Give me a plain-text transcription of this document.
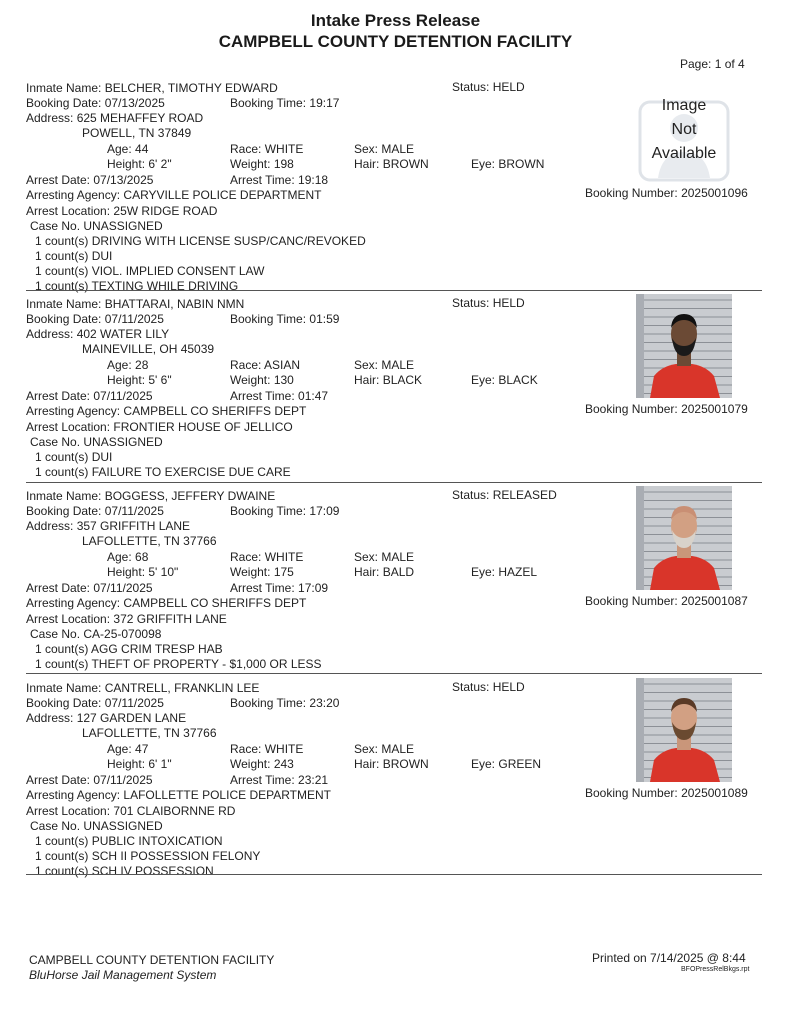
Intake Press Release
CAMPBELL COUNTY DETENTION FACILITY
Page: 1 of 4
Inmate Name: BELCHER, TIMOTHY EDWARD	Status: HELD
Booking Date: 07/13/2025	Booking Time: 19:17
Address: 625 MEHAFFEY ROAD
POWELL, TN 37849
Age: 44	Race: WHITE	Sex: MALE
Height: 6' 2"	Weight: 198	Hair: BROWN	Eye: BROWN
Arrest Date: 07/13/2025	Arrest Time: 19:18
Arresting Agency: CARYVILLE POLICE DEPARTMENT	Booking Number: 2025001096
Arrest Location: 25W RIDGE ROAD
Case No. UNASSIGNED
1 count(s) DRIVING WITH LICENSE SUSP/CANC/REVOKED
1 count(s) DUI
1 count(s) VIOL. IMPLIED CONSENT LAW
1 count(s) TEXTING WHILE DRIVING
Image
Not
Available
Inmate Name: BHATTARAI, NABIN NMN	Status: HELD
Booking Date: 07/11/2025	Booking Time: 01:59
Address: 402 WATER LILY
MAINEVILLE, OH 45039
Age: 28	Race: ASIAN	Sex: MALE
Height: 5' 6"	Weight: 130	Hair: BLACK	Eye: BLACK
Arrest Date: 07/11/2025	Arrest Time: 01:47
Arresting Agency: CAMPBELL CO SHERIFFS DEPT	Booking Number: 2025001079
Arrest Location: FRONTIER HOUSE OF JELLICO
Case No. UNASSIGNED
1 count(s) DUI
1 count(s) FAILURE TO EXERCISE DUE CARE
Inmate Name: BOGGESS, JEFFERY DWAINE	Status: RELEASED
Booking Date: 07/11/2025	Booking Time: 17:09
Address: 357 GRIFFITH LANE
LAFOLLETTE, TN 37766
Age: 68	Race: WHITE	Sex: MALE
Height: 5' 10"	Weight: 175	Hair: BALD	Eye: HAZEL
Arrest Date: 07/11/2025	Arrest Time: 17:09
Arresting Agency: CAMPBELL CO SHERIFFS DEPT	Booking Number: 2025001087
Arrest Location: 372 GRIFFITH LANE
Case No. CA-25-070098
1 count(s) AGG CRIM TRESP HAB
1 count(s) THEFT OF PROPERTY - $1,000 OR LESS
Inmate Name: CANTRELL, FRANKLIN LEE	Status: HELD
Booking Date: 07/11/2025	Booking Time: 23:20
Address: 127 GARDEN LANE
LAFOLLETTE, TN 37766
Age: 47	Race: WHITE	Sex: MALE
Height: 6' 1"	Weight: 243	Hair: BROWN	Eye: GREEN
Arrest Date: 07/11/2025	Arrest Time: 23:21
Arresting Agency: LAFOLLETTE POLICE DEPARTMENT	Booking Number: 2025001089
Arrest Location: 701 CLAIBORNNE RD
Case No. UNASSIGNED
1 count(s) PUBLIC INTOXICATION
1 count(s) SCH II POSSESSION FELONY
1 count(s) SCH IV POSSESSION
CAMPBELL COUNTY DETENTION FACILITY
BluHorse Jail Management System
Printed on 7/14/2025 @ 8:44
BFOPressRelBkgs.rpt
